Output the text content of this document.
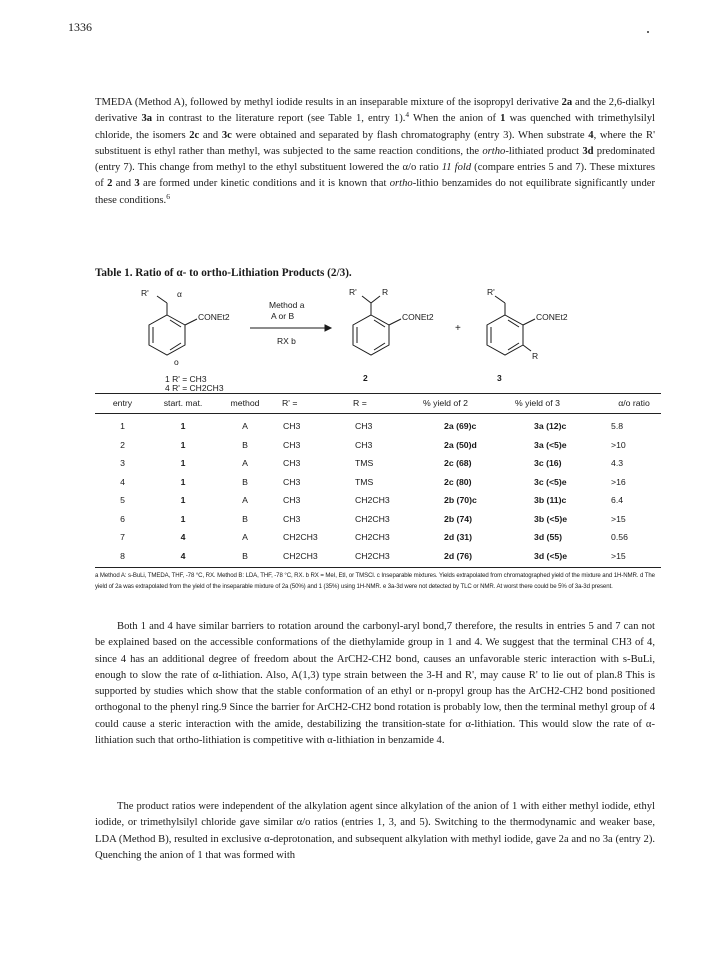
1336

TMEDA (Method A), followed by methyl iodide results in an inseparable mixture of the isopropyl derivative 2a and the 2,6-dialkyl derivative 3a in contrast to the literature report (see Table 1, entry 1).$^4$ When the anion of 1 was quenched with trimethylsilyl chloride, the isomers 2c and 3c were obtained and separated by flash chromatography (entry 3). When substrate 4, where the R' substituent is ethyl rather than methyl, was subjected to the same reaction conditions, the ortho-lithiated product 3d predominated (entry 7). This change from methyl to the ethyl substituent lowered the α/o ratio 11 fold (compare entries 5 and 7). These mixtures of 2 and 3 are formed under kinetic conditions and it is known that ortho-lithio benzamides do not equilibrate significantly under these conditions.$^6$

Table 1. Ratio of α- to ortho-Lithiation Products (2/3).

R'	α
CONEt2
o
1 R' = CH3
4 R' = CH2CH3
Method a
A or B
RX b
R'	R
CONEt2
2
+
R'
CONEt2
R
3
entry	start. mat.	method	R' =	R =	% yield of 2	% yield of 3	α/o ratio
1	1	A	CH3	CH3	2a (69)c	3a (12)c	5.8
2	1	B	CH3	CH3	2a (50)d	3a (<5)e	>10
3	1	A	CH3	TMS	2c (68)	3c (16)	4.3
4	1	B	CH3	TMS	2c (80)	3c (<5)e	>16
5	1	A	CH3	CH2CH3	2b (70)c	3b (11)c	6.4
6	1	B	CH3	CH2CH3	2b (74)	3b (<5)e	>15
7	4	A	CH2CH3	CH2CH3	2d (31)	3d (55)	0.56
8	4	B	CH2CH3	CH2CH3	2d (76)	3d (<5)e	>15

a Method A: s-BuLi, TMEDA, THF, -78 °C, RX. Method B: LDA, THF, -78 °C, RX. b RX = MeI, EtI, or TMSCl. c Inseparable mixtures. Yields extrapolated from chromatographed yield of the mixture and 1H-NMR. d The yield of 2a was extrapolated from the yield of the inseparable mixture of 2a (50%) and 1 (35%) using 1H-NMR. e 3a-3d were not detected by TLC or NMR. At worst there could be 5% of 3a-3d present.

Both 1 and 4 have similar barriers to rotation around the carbonyl-aryl bond,7 therefore, the results in entries 5 and 7 can not be explained based on the accessible conformations of the diethylamide group in 1 and 4. We suggest that the terminal CH3 of 4, since 4 has an additional degree of freedom about the ArCH2-CH2 bond, causes an unfavorable steric interaction with s-BuLi, enough to slow the rate of α-lithiation. Also, A(1,3) type strain between the 3-H and R', may cause R' to lie out of plan.8 This is supported by studies which show that the stable conformation of an ethyl or n-propyl group has the ArCH2-CH2 bond positioned orthogonal to the phenyl ring.9 Since the barrier for ArCH2-CH2 bond rotation is probably low, then the terminal methyl group of 4 could cause a steric interaction with the amide, destabilizing the transition-state for α-lithiation. This would slow the rate of α-lithiation such that ortho-lithiation is competitive with α-lithiation in benzamide 4.

The product ratios were independent of the alkylation agent since alkylation of the anion of 1 with either methyl iodide, ethyl iodide, or trimethylsilyl chloride gave similar α/o ratios (entries 1, 3, and 5). Switching to the thermodynamic and weaker base, LDA (Method B), resulted in exclusive α-deprotonation, and subsequent alkylation with methyl iodide, gave 2a and no 3a (entry 2). Quenching the anion of 1 that was formed with
